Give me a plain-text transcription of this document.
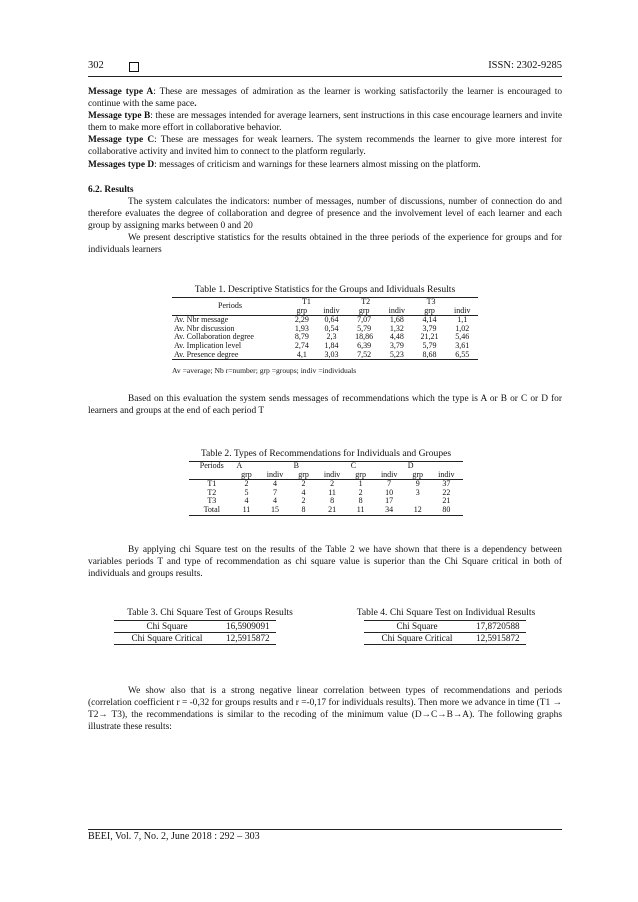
302	ISSN: 2302-9285

Message type A: These are messages of admiration as the learner is working satisfactorily the learner is encouraged to continue with the same pace.

Message type B: these are messages intended for average learners, sent instructions in this case encourage learners and invite them to make more effort in collaborative behavior.

Message type C: These are messages for weak learners. The system recommends the learner to give more interest for collaborative activity and invited him to connect to the platform regularly.

Messages type D: messages of criticism and warnings for these learners almost missing on the platform.

6.2. Results

The system calculates the indicators: number of messages, number of discussions, number of connection do and therefore evaluates the degree of collaboration and degree of presence and the involvement level of each learner and each group by assigning marks between 0 and 20

We present descriptive statistics for the results obtained in the three periods of the experience for groups and for individuals learners

Table 1. Descriptive Statistics for the Groups and Idividuals Results
Periods	T1		T2		T3	
	grp	indiv	grp	indiv	grp	indiv
Av. Nbr message	2,29	0,64	7,07	1,68	4,14	1,1
Av. Nbr discussion	1,93	0,54	5,79	1,32	3,79	1,02
Av. Collaboration degree	8,79	2,3	18,86	4,48	21,21	5,46
Av. Implication level	2,74	1,84	6,39	3,79	5,79	3,61
Av. Presence degree	4,1	3,03	7,52	5,23	8,68	6,55
Av =average; Nb r=number; grp =groups; indiv =individuals
Based on this evaluation the system sends messages of recommendations which the type is A or B or C or D for learners and groups at the end of each period T
Table 2. Types of Recommendations for Individuals and Groupes
Periods	A		B		C		D	
	grp	indiv	grp	indiv	grp	indiv	grp	indiv
T1	2	4	2	2	1	7	9	37
T2	5	7	4	11	2	10	3	22
T3	4	4	2	8	8	17		21
Total	11	15	8	21	11	34	12	80
By applying chi Square test on the results of the Table 2 we have shown that there is a dependency between variables periods T and type of recommendation as chi square value is superior than the Chi Square critical in both of individuals and groups results.
Table 3. Chi Square Test of Groups Results
Chi Square	16,5909091
Chi Square Critical	12,5915872
Table 4. Chi Square Test on Individual Results
Chi Square	17,8720588
Chi Square Critical	12,5915872
We show also that is a strong negative linear correlation between types of recommendations and periods (correlation coefficient r = -0,32 for groups results and r =-0,17 for individuals results). Then more we advance in time (T1 → T2→ T3), the recommendations is similar to the recoding of the minimum value (D→C→B→A). The following graphs illustrate these results:
BEEI, Vol. 7, No. 2, June 2018 : 292 – 303
